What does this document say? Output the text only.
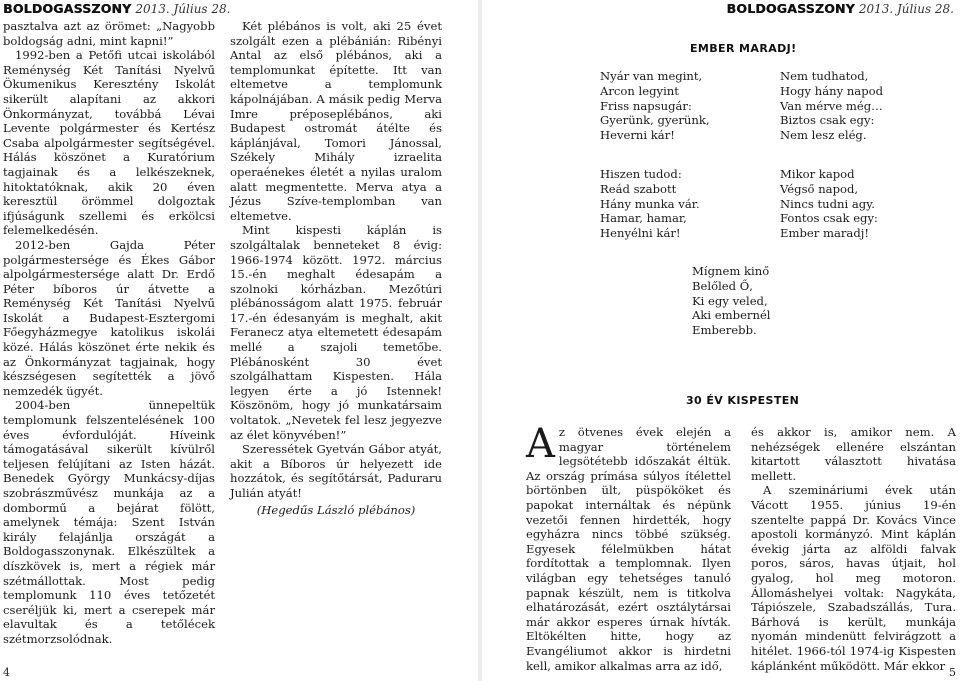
BOLDOGASSZONY 2013. Július 28.

pasztalva azt az örömet: „Nagyobb boldogság adni, mint kapni!”

1992-ben a Petőfi utcai iskolából Reménység Két Tanítási Nyelvű Ökumenikus Keresztény Iskolát sikerült alapítani az akkori Önkormányzat, továbbá Lévai Levente polgármester és Kertész Csaba alpolgármester segítségével. Hálás köszönet a Kuratórium tagjainak és a lelkészeknek, hitoktatóknak, akik 20 éven keresztül örömmel dolgoztak ifjúságunk szellemi és erkölcsi felemelkedésén.

2012-ben Gajda Péter polgármestersége és Ékes Gábor alpolgármestersége alatt Dr. Erdő Péter bíboros úr átvette a Reménység Két Tanítási Nyelvű Iskolát a Budapest-Esztergomi Főegyházmegye katolikus iskolái közé. Hálás köszönet érte nekik és az Önkormányzat tagjainak, hogy készségesen segítették a jövő nemzedék ügyét.

2004-ben ünnepeltük templomunk felszentelésének 100 éves évfordulóját. Híveink támogatásával sikerült kívülről teljesen felújítani az Isten házát. Benedek György Munkácsy-díjas szobrászművész munkája az a dombormű a bejárat fölött, amelynek témája: Szent István király felajánlja országát a Boldogasszonynak. Elkészültek a díszkövek is, mert a régiek már szétmállottak. Most pedig templomunk 110 éves tetőzetét cseréljük ki, mert a cserepek már elavultak és a tetőlécek szétmorzsolódnak.

Két plébános is volt, aki 25 évet szolgált ezen a plébánián: Ribényi Antal az első plébános, aki a templomunkat építette. Itt van eltemetve a templomunk kápolnájában. A másik pedig Merva Imre préposeplébános, aki Budapest ostromát átélte és káplánjával, Tomori Jánossal, Székely Mihály izraelita operaénekes életét a nyilas uralom alatt megmentette. Merva atya a Jézus Szíve-templomban van eltemetve.

Mint kispesti káplán is szolgáltalak benneteket 8 évig: 1966-1974 között. 1972. március 15.-én meghalt édesapám a szolnoki kórházban. Mezőtúri plébánosságom alatt 1975. február 17.-én édesanyám is meghalt, akit Feranecz atya eltemetett édesapám mellé a szajoli temetőbe. Plébánosként 30 évet szolgálhattam Kispesten. Hála legyen érte a jó Istennek! Köszönöm, hogy jó munkatársaim voltatok. „Nevetek fel lesz jegyezve az élet könyvében!”

Szeressétek Gyetván Gábor atyát, akit a Bíboros úr helyezett ide hozzátok, és segítőtársát, Paduraru Julián atyát!

(Hegedűs László plébános)

4
BOLDOGASSZONY 2013. Július 28.
EMBER MARADJ!
Nyár van megint,
Arcon legyint
Friss napsugár:
Gyerünk, gyerünk,
Heverni kár!
Hiszen tudod:
Reád szabott
Hány munka vár.
Hamar, hamar,
Henyélni kár!
Nem tudhatod,
Hogy hány napod
Van mérve még…
Biztos csak egy:
Nem lesz elég.
Mikor kapod
Végső napod,
Nincs tudni agy.
Fontos csak egy:
Ember maradj!
Mígnem kinő
Belőled Ő,
Ki egy veled,
Aki embernél
Emberebb.
30 ÉV KISPESTEN

Az ötvenes évek elején a magyar történelem legsötétebb időszakát éltük. Az ország prímása súlyos ítélettel börtönben ült, püspököket és papokat internáltak és népünk vezetői fennen hirdették, hogy egyházra nincs többé szükség. Egyesek félelmükben hátat fordítottak a templomnak. Ilyen világban egy tehetséges tanuló papnak készült, nem is titkolva elhatározását, ezért osztálytársai már akkor esperes úrnak hívták. Eltökélten hitte, hogy az Evangéliumot akkor is hirdetni kell, amikor alkalmas arra az idő,

és akkor is, amikor nem. A nehézségek ellenére elszántan kitartott választott hivatása mellett.

A szemináriumi évek után Vácott 1955. június 19-én szentelte pappá Dr. Kovács Vince apostoli kormányzó. Mint káplán évekig járta az alföldi falvak poros, sáros, havas útjait, hol gyalog, hol meg motoron. Állomáshelyei voltak: Nagykáta, Tápiószele, Szabadszállás, Tura. Bárhová is került, munkája nyomán mindenütt felvirágzott a hitélet. 1966-tól 1974-ig Kispesten káplánként működött. Már ekkor 5
